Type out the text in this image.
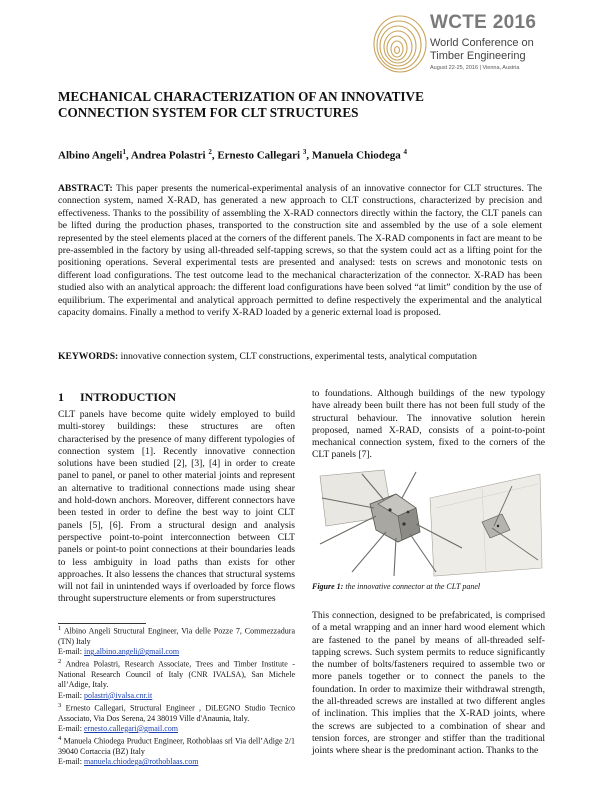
WCTE 2016
World Conference on
Timber Engineering
August 22-25, 2016 | Vienna, Austria
MECHANICAL CHARACTERIZATION OF AN INNOVATIVE
CONNECTION SYSTEM FOR CLT STRUCTURES
Albino Angeli$^1$, Andrea Polastri $^2$, Ernesto Callegari $^3$, Manuela Chiodega $^4$
ABSTRACT: This paper presents the numerical-experimental analysis of an innovative connector for CLT structures. The connection system, named X-RAD, has generated a new approach to CLT constructions, characterized by precision and effectiveness. Thanks to the possibility of assembling the X-RAD connectors directly within the factory, the CLT panels can be lifted during the production phases, transported to the construction site and assembled by the use of a sole element represented by the steel elements placed at the corners of the different panels. The X-RAD components in fact are meant to be pre-assembled in the factory by using all-threaded self-tapping screws, so that the system could act as a lifting point for the positioning operations. Several experimental tests are presented and analysed: tests on screws and monotonic tests on different load configurations. The test outcome lead to the mechanical characterization of the connector. X-RAD has been studied also with an analytical approach: the different load configurations have been solved “at limit” condition by the use of equilibrium. The experimental and analytical approach permitted to define respectively the experimental and the analytical capacity domains. Finally a method to verify X-RAD loaded by a generic external load is proposed.
KEYWORDS: innovative connection system, CLT constructions, experimental tests, analytical computation
1 INTRODUCTION
CLT panels have become quite widely employed to build multi-storey buildings: these structures are often characterised by the presence of many different typologies of connection system [1]. Recently innovative connection solutions have been studied [2], [3], [4] in order to create panel to panel, or panel to other material joints and represent an alternative to traditional connections made using shear and hold-down anchors. Moreover, different connectors have been tested in order to define the best way to joint CLT panels [5], [6]. From a structural design and analysis perspective point-to-point interconnection between CLT panels or point-to point connections at their boundaries leads to less ambiguity in load paths than exists for other approaches. It also lessens the chances that structural systems will not fail in unintended ways if overloaded by force flows throught superstructure elements or from superstructures
to foundations. Although buildings of the new typology have already been built there has not been full study of the structural behaviour. The innovative solution herein proposed, named X-RAD, consists of a point-to-point mechanical connection system, fixed to the corners of the CLT panels [7].
Figure 1: the innovative connector at the CLT panel
This connection, designed to be prefabricated, is comprised of a metal wrapping and an inner hard wood element which are fastened to the panel by means of all-threaded self-tapping screws. Such system permits to reduce significantly the number of bolts/fasteners required to assemble two or more panels together or to connect the panels to the foundation. In order to maximize their withdrawal strength, the all-threaded screws are installed at two different angles of inclination. This implies that the X-RAD joints, where the screws are subjected to a combination of shear and tension forces, are stronger and stiffer than the traditional joints where shear is the predominant action. Thanks to the
$^1$ Albino Angeli Structural Engineer, Via delle Pozze 7, Commezzadura (TN) Italy
E-mail: ing.albino.angeli@gmail.com
$^2$ Andrea Polastri, Research Associate, Trees and Timber Institute - National Research Council of Italy (CNR IVALSA), San Michele all’Adige, Italy.
E-mail: polastri@ivalsa.cnr.it
$^3$ Ernesto Callegari, Structural Engineer , DiLEGNO Studio Tecnico Associato, Via Dos Serena, 24 38019 Ville d'Anaunia, Italy.
E-mail: ernesto.callegari@gmail.com
$^4$ Manuela Chiodega Pruduct Engineer, Rothoblaas srl Via dell’Adige 2/1 39040 Cortaccia (BZ) Italy
E-mail: manuela.chiodega@rothoblaas.com
